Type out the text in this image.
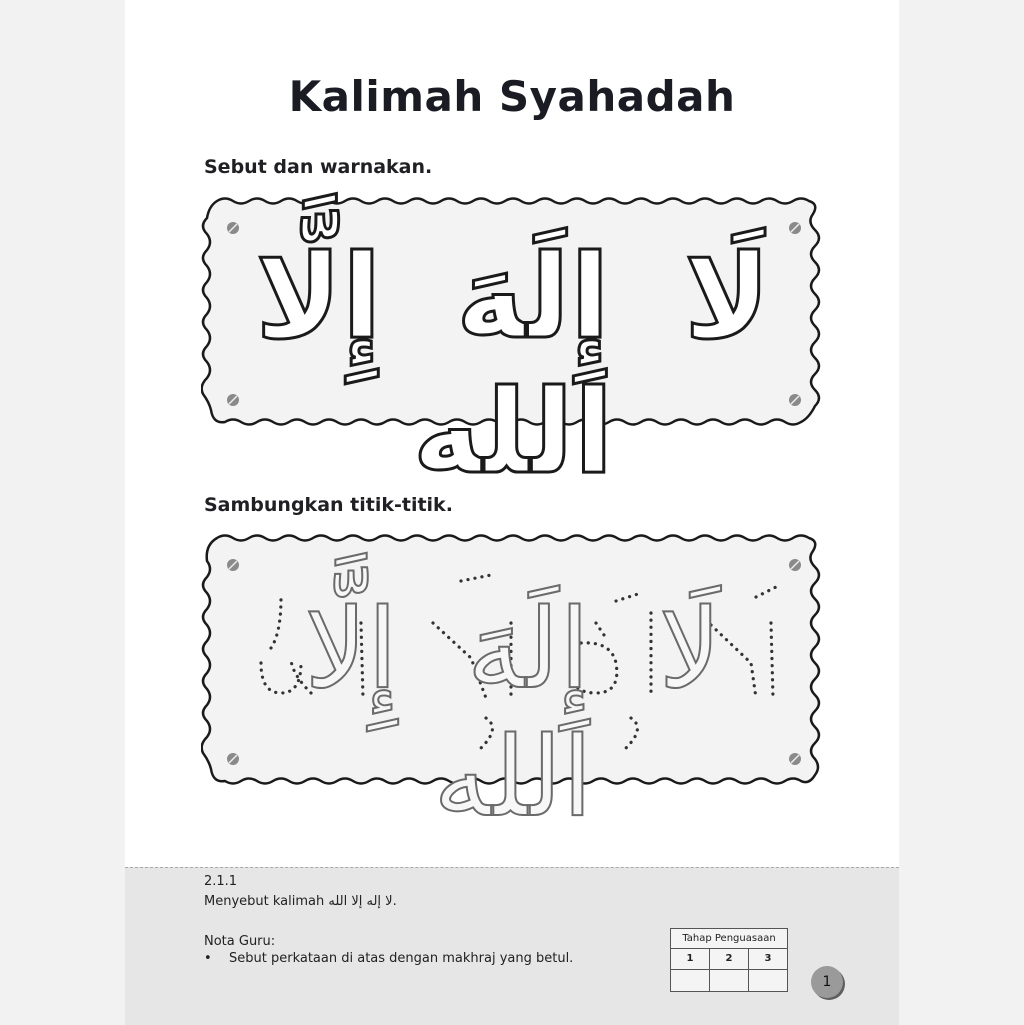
Kalimah Syahadah
Sebut dan warnakan.
لَا إِلَهَ إِلَّا الله
Sambungkan titik-titik.
لَا إِلَهَ إِلَّا الله
2.1.1
Menyebut kalimah لا إله إلا الله.
Nota Guru:
• Sebut perkataan di atas dengan makhraj yang betul.
Tahap Penguasaan
1	2	3
1
